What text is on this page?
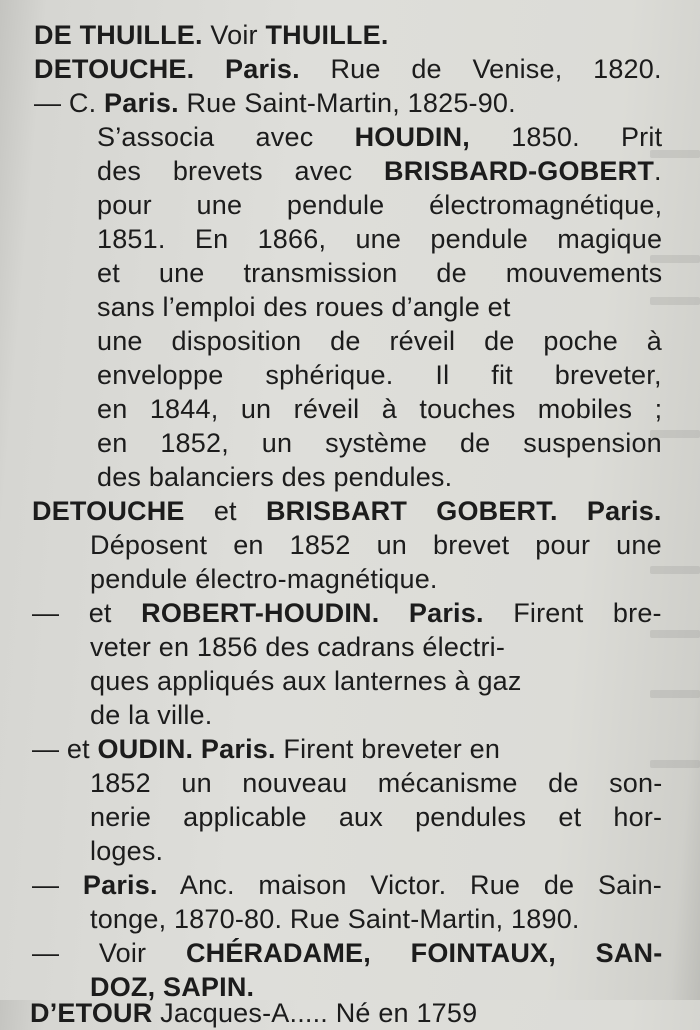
DE THUILLE. Voir THUILLE.
DETOUCHE. Paris. Rue de Venise, 1820.
— C. Paris. Rue Saint-Martin, 1825-90.
S’associa avec HOUDIN, 1850. Prit
des brevets avec BRISBARD-GOBERT.
pour une pendule électromagnétique,
1851. En 1866, une pendule magique
et une transmission de mouvements
sans l’emploi des roues d’angle et
une disposition de réveil de poche à
enveloppe sphérique. Il fit breveter,
en 1844, un réveil à touches mobiles ;
en 1852, un système de suspension
des balanciers des pendules.
DETOUCHE et BRISBART GOBERT. Paris.
Déposent en 1852 un brevet pour une
pendule électro-magnétique.
— et ROBERT-HOUDIN. Paris. Firent bre-
veter en 1856 des cadrans électri-
ques appliqués aux lanternes à gaz
de la ville.
— et OUDIN. Paris. Firent breveter en
1852 un nouveau mécanisme de son-
nerie applicable aux pendules et hor-
loges.
— Paris. Anc. maison Victor. Rue de Sain-
tonge, 1870-80. Rue Saint-Martin, 1890.
— Voir CHÉRADAME, FOINTAUX, SAN-
DOZ, SAPIN.
D’ETOUR Jacques-A..... Né en 1759
